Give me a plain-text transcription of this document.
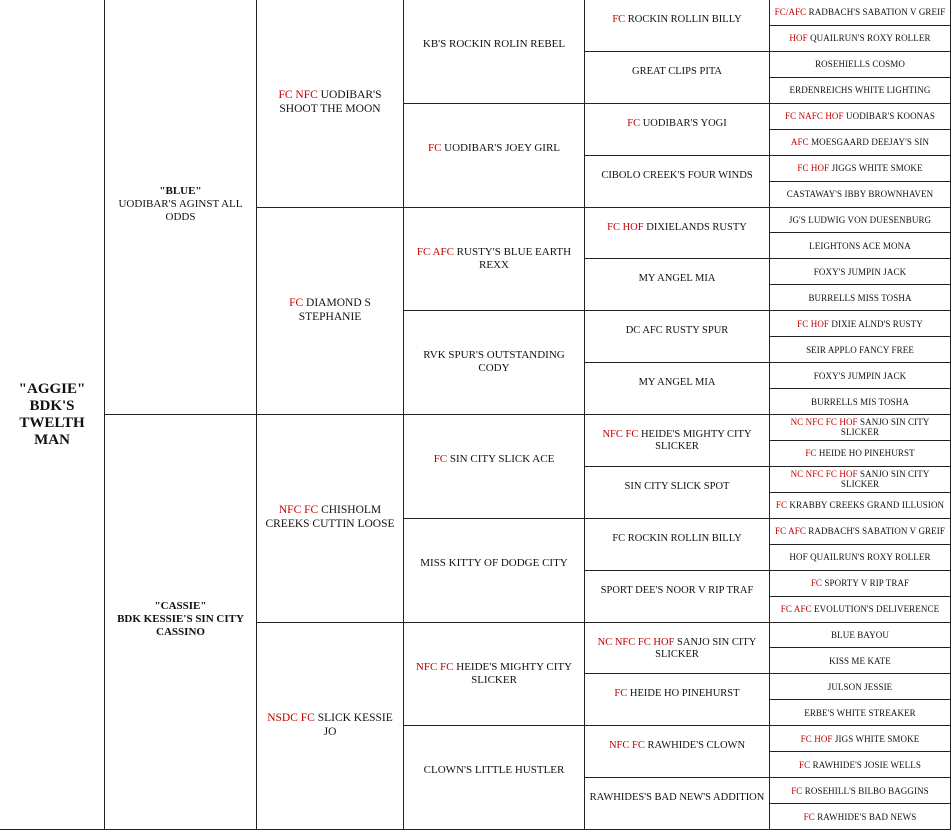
"AGGIE"
BDK'S TWELTH MAN
"BLUE"
UODIBAR'S AGINST ALL ODDS
"CASSIE"
BDK KESSIE'S SIN CITY CASSINO
FC NFC UODIBAR'S SHOOT THE MOON
FC DIAMOND S STEPHANIE
NFC FC CHISHOLM CREEKS CUTTIN LOOSE
NSDC FC SLICK KESSIE JO
KB'S ROCKIN ROLIN REBEL
FC UODIBAR'S JOEY GIRL
FC AFC RUSTY'S BLUE EARTH REXX
RVK SPUR'S OUTSTANDING CODY
FC SIN CITY SLICK ACE
MISS KITTY OF DODGE CITY
NFC FC HEIDE'S MIGHTY CITY SLICKER
CLOWN'S LITTLE HUSTLER
FC ROCKIN ROLLIN BILLY
GREAT CLIPS PITA
FC UODIBAR'S YOGI
CIBOLO CREEK'S FOUR WINDS
FC HOF DIXIELANDS RUSTY
MY ANGEL MIA
DC AFC RUSTY SPUR
MY ANGEL MIA
NFC FC HEIDE'S MIGHTY CITY SLICKER
SIN CITY SLICK SPOT
FC ROCKIN ROLLIN BILLY
SPORT DEE'S NOOR V RIP TRAF
NC NFC FC HOF SANJO SIN CITY SLICKER
FC HEIDE HO PINEHURST
NFC FC RAWHIDE'S CLOWN
RAWHIDES'S BAD NEW'S ADDITION
FC/AFC RADBACH'S SABATION V GREIF
HOF QUAILRUN'S ROXY ROLLER
ROSEHIELLS COSMO
ERDENREICHS WHITE LIGHTING
FC NAFC HOF UODIBAR'S KOONAS
AFC MOESGAARD DEEJAY'S SIN
FC HOF JIGGS WHITE SMOKE
CASTAWAY'S IBBY BROWNHAVEN
JG'S LUDWIG VON DUESENBURG
LEIGHTONS ACE MONA
FOXY'S JUMPIN JACK
BURRELLS MISS TOSHA
FC HOF DIXIE ALND'S RUSTY
SEIR APPLO FANCY FREE
FOXY'S JUMPIN JACK
BURRELLS MIS TOSHA
NC NFC FC HOF SANJO SIN CITY SLICKER
FC HEIDE HO PINEHURST
NC NFC FC HOF SANJO SIN CITY SLICKER
FC KRABBY CREEKS GRAND ILLUSION
FC AFC RADBACH'S SABATION V GREIF
HOF QUAILRUN'S ROXY ROLLER
FC SPORTY V RIP TRAF
FC AFC EVOLUTION'S DELIVERENCE
BLUE BAYOU
KISS ME KATE
JULSON JESSIE
ERBE'S WHITE STREAKER
FC HOF JIGS WHITE SMOKE
FC RAWHIDE'S JOSIE WELLS
FC ROSEHILL'S BILBO BAGGINS
FC RAWHIDE'S BAD NEWS
